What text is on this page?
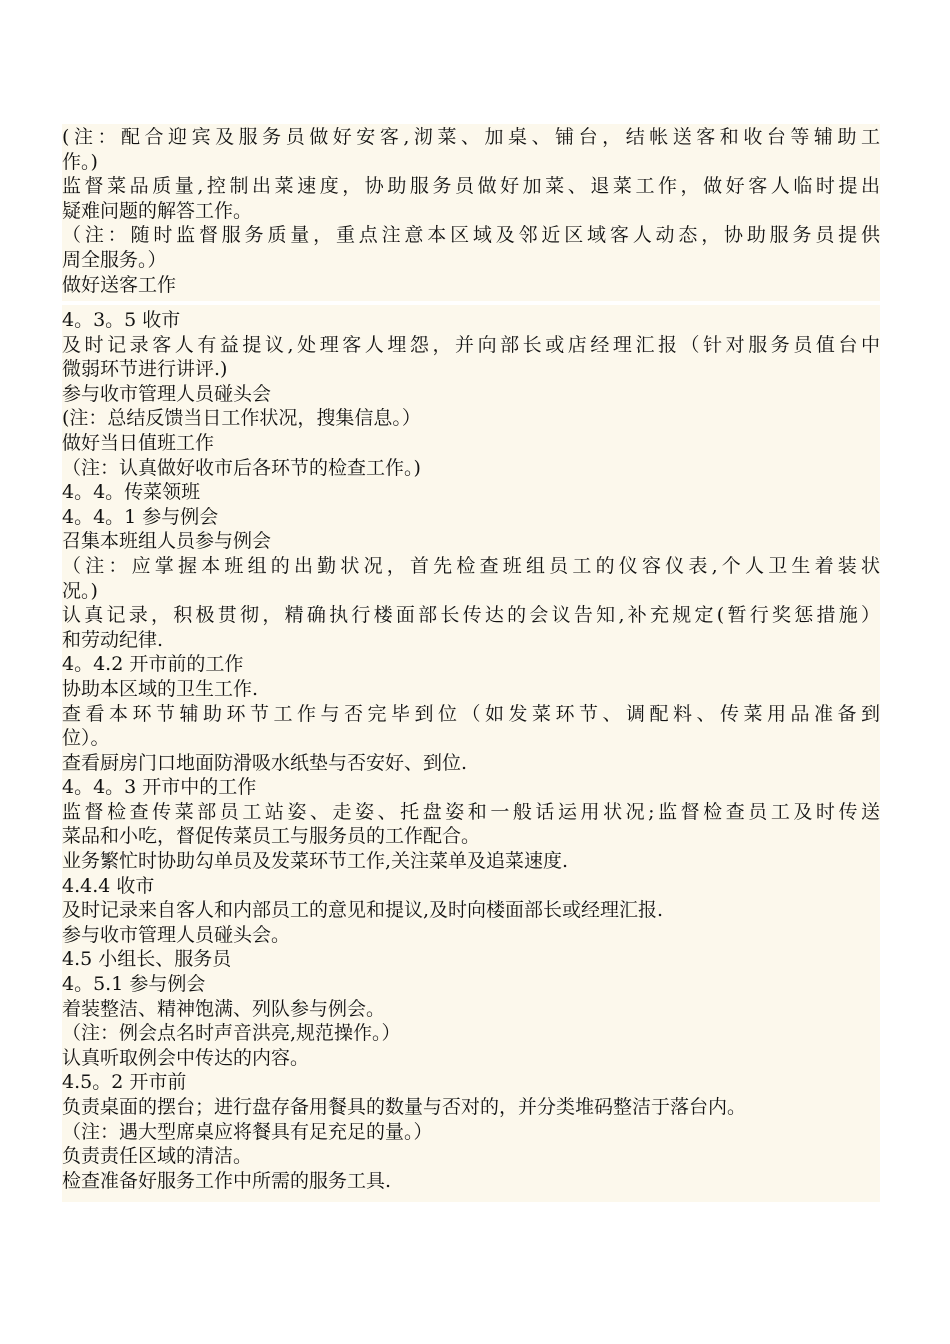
(注：配合迎宾及服务员做好安客,沏菜、加桌、铺台，结帐送客和收台等辅助工
作。)
监督菜品质量,控制出菜速度，协助服务员做好加菜、退菜工作，做好客人临时提出
疑难问题的解答工作。
（注：随时监督服务质量，重点注意本区域及邻近区域客人动态，协助服务员提供
周全服务。）
做好送客工作
4。3。5 收市
及时记录客人有益提议,处理客人埋怨，并向部长或店经理汇报（针对服务员值台中
微弱环节进行讲评.)
参与收市管理人员碰头会
(注：总结反馈当日工作状况，搜集信息。）
做好当日值班工作
（注：认真做好收市后各环节的检查工作。)
4。4。传菜领班
4。4。1 参与例会
召集本班组人员参与例会
（注：应掌握本班组的出勤状况，首先检查班组员工的仪容仪表,个人卫生着装状
况。)
认真记录，积极贯彻，精确执行楼面部长传达的会议告知,补充规定(暂行奖惩措施）
和劳动纪律.
4。4.2 开市前的工作
协助本区域的卫生工作.
查看本环节辅助环节工作与否完毕到位（如发菜环节、调配料、传菜用品准备到
位）。
查看厨房门口地面防滑吸水纸垫与否安好、到位.
4。4。3 开市中的工作
监督检查传菜部员工站姿、走姿、托盘姿和一般话运用状况;监督检查员工及时传送
菜品和小吃，督促传菜员工与服务员的工作配合。
业务繁忙时协助勾单员及发菜环节工作,关注菜单及追菜速度.
4.4.4 收市
及时记录来自客人和内部员工的意见和提议,及时向楼面部长或经理汇报.
参与收市管理人员碰头会。
4.5 小组长、服务员
4。5.1 参与例会
着装整洁、精神饱满、列队参与例会。
（注：例会点名时声音洪亮,规范操作。）
认真听取例会中传达的内容。
4.5。2 开市前
负责桌面的摆台；进行盘存备用餐具的数量与否对的，并分类堆码整洁于落台内。
（注：遇大型席桌应将餐具有足充足的量。）
负责责任区域的清洁。
检查准备好服务工作中所需的服务工具.
